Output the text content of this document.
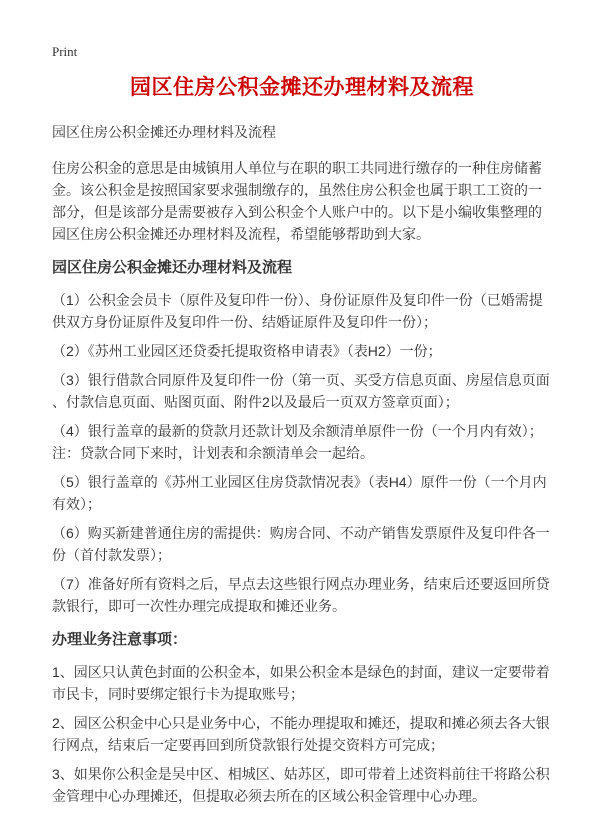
Print
园区住房公积金摊还办理材料及流程
园区住房公积金摊还办理材料及流程

住房公积金的意思是由城镇用人单位与在职的职工共同进行缴存的一种住房储蓄金。该公积金是按照国家要求强制缴存的，虽然住房公积金也属于职工工资的一部分，但是该部分是需要被存入到公积金个人账户中的。以下是小编收集整理的园区住房公积金摊还办理材料及流程，希望能够帮助到大家。

园区住房公积金摊还办理材料及流程

（1）公积金会员卡（原件及复印件一份）、身份证原件及复印件一份（已婚需提供双方身份证原件及复印件一份、结婚证原件及复印件一份）；

（2）《苏州工业园区还贷委托提取资格申请表》（表H2）一份；

（3）银行借款合同原件及复印件一份（第一页、买受方信息页面、房屋信息页面、付款信息页面、贴图页面、附件2以及最后一页双方签章页面）；

（4）银行盖章的最新的贷款月还款计划及余额清单原件一份（一个月内有效）；注：贷款合同下来时，计划表和余额清单会一起给。

（5）银行盖章的《苏州工业园区住房贷款情况表》（表H4）原件一份（一个月内有效）；

（6）购买新建普通住房的需提供：购房合同、不动产销售发票原件及复印件各一份（首付款发票）；

（7）准备好所有资料之后，早点去这些银行网点办理业务，结束后还要返回所贷款银行，即可一次性办理完成提取和摊还业务。

办理业务注意事项：

1、园区只认黄色封面的公积金本，如果公积金本是绿色的封面，建议一定要带着市民卡，同时要绑定银行卡为提取账号；

2、园区公积金中心只是业务中心，不能办理提取和摊还，提取和摊必须去各大银行网点，结束后一定要再回到所贷款银行处提交资料方可完成；

3、如果你公积金是吴中区、相城区、姑苏区，即可带着上述资料前往干将路公积金管理中心办理摊还，但提取必须去所在的区域公积金管理中心办理。
